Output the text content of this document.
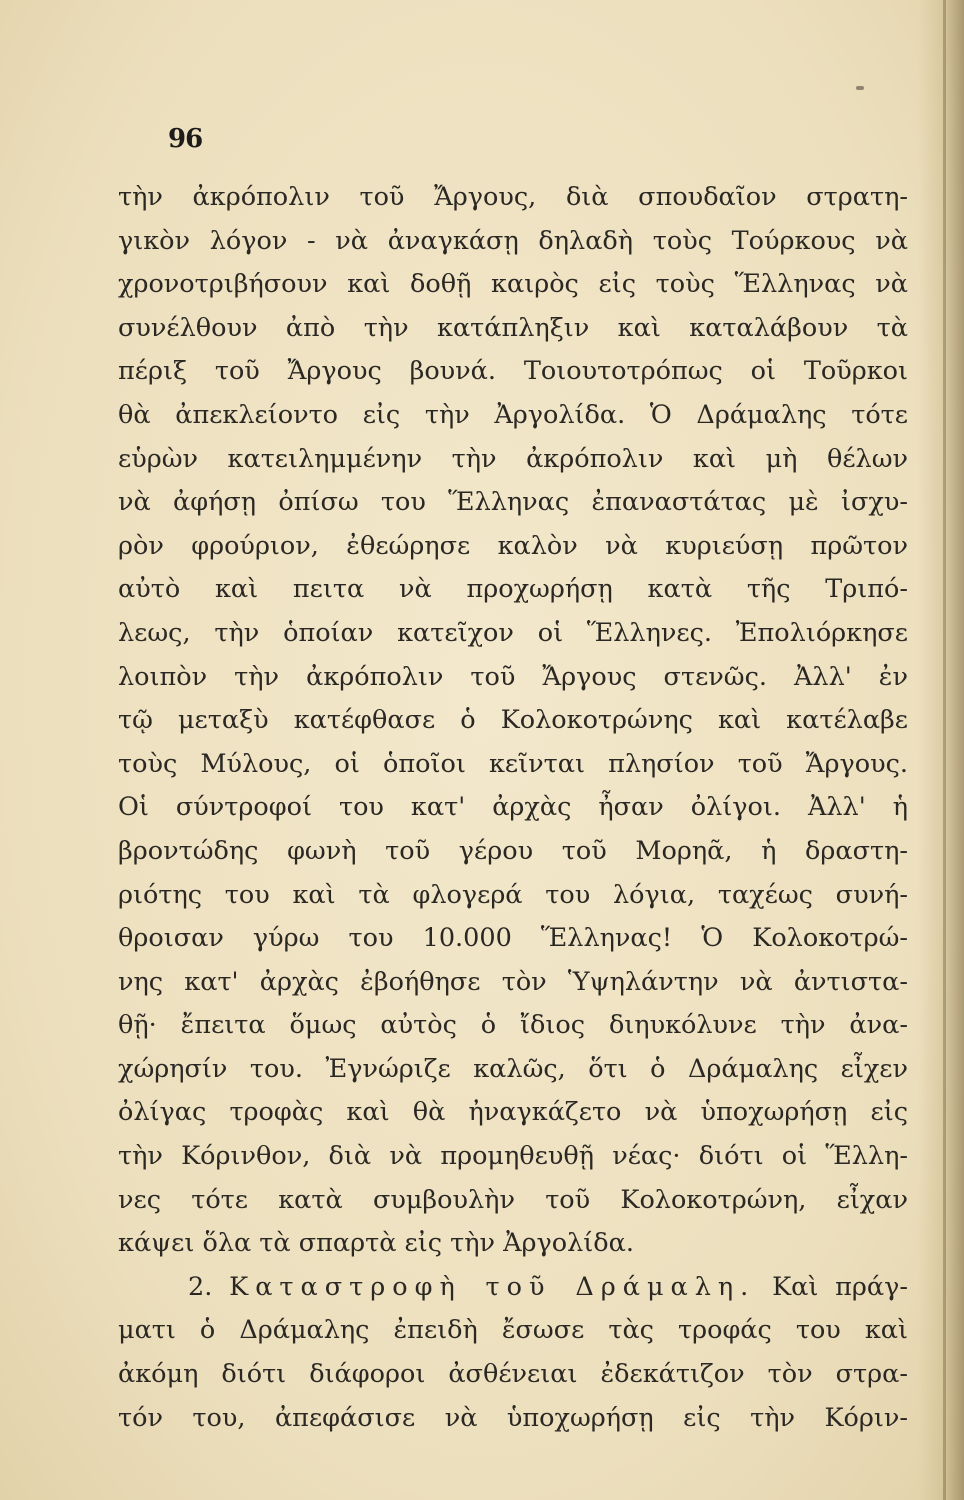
96
τὴν ἀκρόπολιν τοῦ Ἄργους, διὰ σπουδαῖον στρατη-
γικὸν λόγον - νὰ ἀναγκάσῃ δηλαδὴ τοὺς Τούρκους νὰ
χρονοτριβήσουν καὶ δοθῇ καιρὸς εἰς τοὺς Ἕλληνας νὰ
συνέλθουν ἀπὸ τὴν κατάπληξιν καὶ καταλάβουν τὰ
πέριξ τοῦ Ἄργους βουνά. Τοιουτοτρόπως οἱ Τοῦρκοι
θὰ ἀπεκλείοντο εἰς τὴν Ἀργολίδα. Ὁ Δράμαλης τότε
εὑρὼν κατειλημμένην τὴν ἀκρόπολιν καὶ μὴ θέλων
νὰ ἀφήσῃ ὀπίσω του Ἕλληνας ἐπαναστάτας μὲ ἰσχυ-
ρὸν φρούριον, ἐθεώρησε καλὸν νὰ κυριεύσῃ πρῶτον
αὐτὸ καὶ πειτα νὰ προχωρήσῃ κατὰ τῆς Τριπό-
λεως, τὴν ὁποίαν κατεῖχον οἱ Ἕλληνες. Ἐπολιόρκησε
λοιπὸν τὴν ἀκρόπολιν τοῦ Ἄργους στενῶς. Ἀλλ' ἐν
τῷ μεταξὺ κατέφθασε ὁ Κολοκοτρώνης καὶ κατέλαβε
τοὺς Μύλους, οἱ ὁποῖοι κεῖνται πλησίον τοῦ Ἄργους.
Οἱ σύντροφοί του κατ' ἀρχὰς ἦσαν ὀλίγοι. Ἀλλ' ἡ
βροντώδης φωνὴ τοῦ γέρου τοῦ Μορηᾶ, ἡ δραστη-
ριότης του καὶ τὰ φλογερά του λόγια, ταχέως συνή-
θροισαν γύρω του 10.000 Ἕλληνας! Ὁ Κολοκοτρώ-
νης κατ' ἀρχὰς ἐβοήθησε τὸν Ὑψηλάντην νὰ ἀντιστα-
θῇ· ἔπειτα ὅμως αὐτὸς ὁ ἴδιος διηυκόλυνε τὴν ἀνα-
χώρησίν του. Ἐγνώριζε καλῶς, ὅτι ὁ Δράμαλης εἶχεν
ὀλίγας τροφὰς καὶ θὰ ἠναγκάζετο νὰ ὑποχωρήσῃ εἰς
τὴν Κόρινθον, διὰ νὰ προμηθευθῇ νέας· διότι οἱ Ἕλλη-
νες τότε κατὰ συμβουλὴν τοῦ Κολοκοτρώνη, εἶχαν
κάψει ὅλα τὰ σπαρτὰ εἰς τὴν Ἀργολίδα.
2. Καταστροφὴ τοῦ Δράμαλη. Καὶ πράγ-
ματι ὁ Δράμαλης ἐπειδὴ ἔσωσε τὰς τροφάς του καὶ
ἀκόμη διότι διάφοροι ἀσθένειαι ἐδεκάτιζον τὸν στρα-
τόν του, ἀπεφάσισε νὰ ὑποχωρήσῃ εἰς τὴν Κόριν-
